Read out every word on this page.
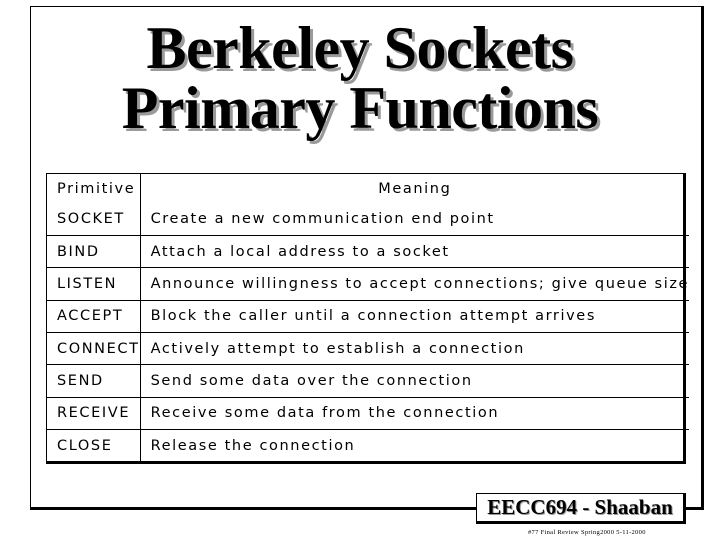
Berkeley Sockets
Primary Functions
Primitive	Meaning
SOCKET	Create a new communication end point
BIND	Attach a local address to a socket
LISTEN	Announce willingness to accept connections; give queue size
ACCEPT	Block the caller until a connection attempt arrives
CONNECT	Actively attempt to establish a connection
SEND	Send some data over the connection
RECEIVE	Receive some data from the connection
CLOSE	Release the connection
EECC694 - Shaaban
#77 Final Review Spring2000 5-11-2000
